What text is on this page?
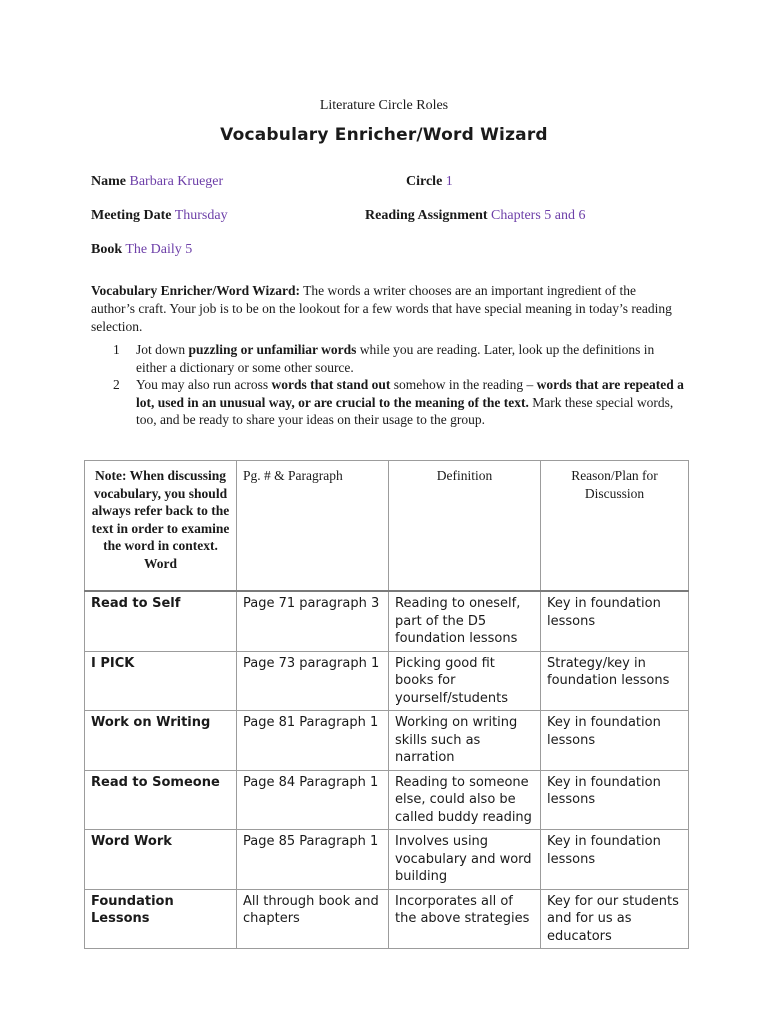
Literature Circle Roles
Vocabulary Enricher/Word Wizard
Name Barbara Krueger	Circle 1
Meeting Date Thursday	Reading Assignment Chapters 5 and 6
Book The Daily 5
Vocabulary Enricher/Word Wizard: The words a writer chooses are an important ingredient of the author’s craft. Your job is to be on the lookout for a few words that have special meaning in today’s reading selection.
1 Jot down puzzling or unfamiliar words while you are reading. Later, look up the definitions in either a dictionary or some other source.
2 You may also run across words that stand out somehow in the reading – words that are repeated a lot, used in an unusual way, or are crucial to the meaning of the text. Mark these special words, too, and be ready to share your ideas on their usage to the group.
Note: When discussing vocabulary, you should always refer back to the text in order to examine the word in context.
Word	Pg. # & Paragraph	Definition	Reason/Plan for Discussion
Read to Self	Page 71 paragraph 3	Reading to oneself, part of the D5 foundation lessons	Key in foundation lessons
I PICK	Page 73 paragraph 1	Picking good fit books for yourself/students	Strategy/key in foundation lessons
Work on Writing	Page 81 Paragraph 1	Working on writing skills such as narration	Key in foundation lessons
Read to Someone	Page 84 Paragraph 1	Reading to someone else, could also be called buddy reading	Key in foundation lessons
Word Work	Page 85 Paragraph 1	Involves using vocabulary and word building	Key in foundation lessons
Foundation Lessons	All through book and chapters	Incorporates all of the above strategies	Key for our students and for us as educators
